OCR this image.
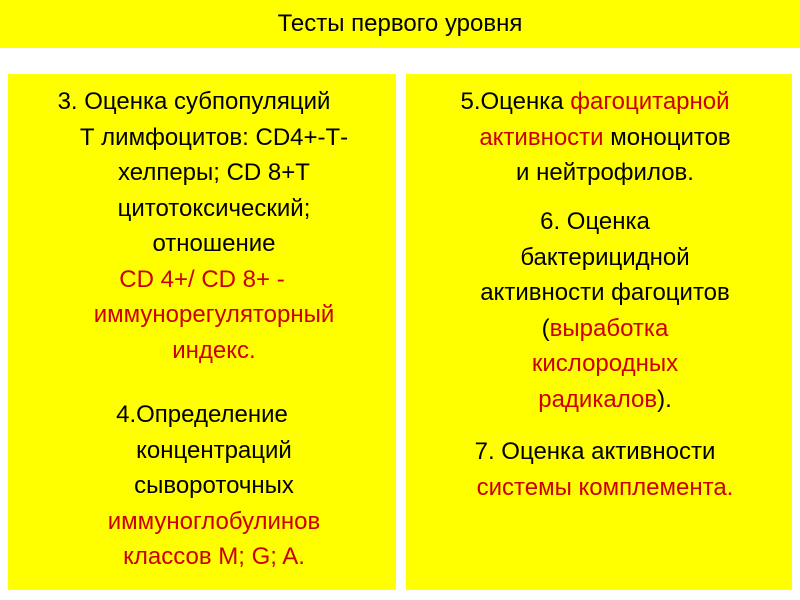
Тесты первого уровня
3. Оценка субпопуляций
Т лимфоцитов: CD4+-Т-
хелперы; CD 8+Т
цитотоксический;
отношение
CD 4+/ CD 8+ -
иммунорегуляторный
индекс.
4.Определение
концентраций
сывороточных
иммуноглобулинов
классов M; G; A.
5.Оценка фагоцитарной
активности моноцитов
и нейтрофилов.
6. Оценка
бактерицидной
активности фагоцитов
(выработка
кислородных
радикалов).
7. Оценка активности
системы комплемента.
